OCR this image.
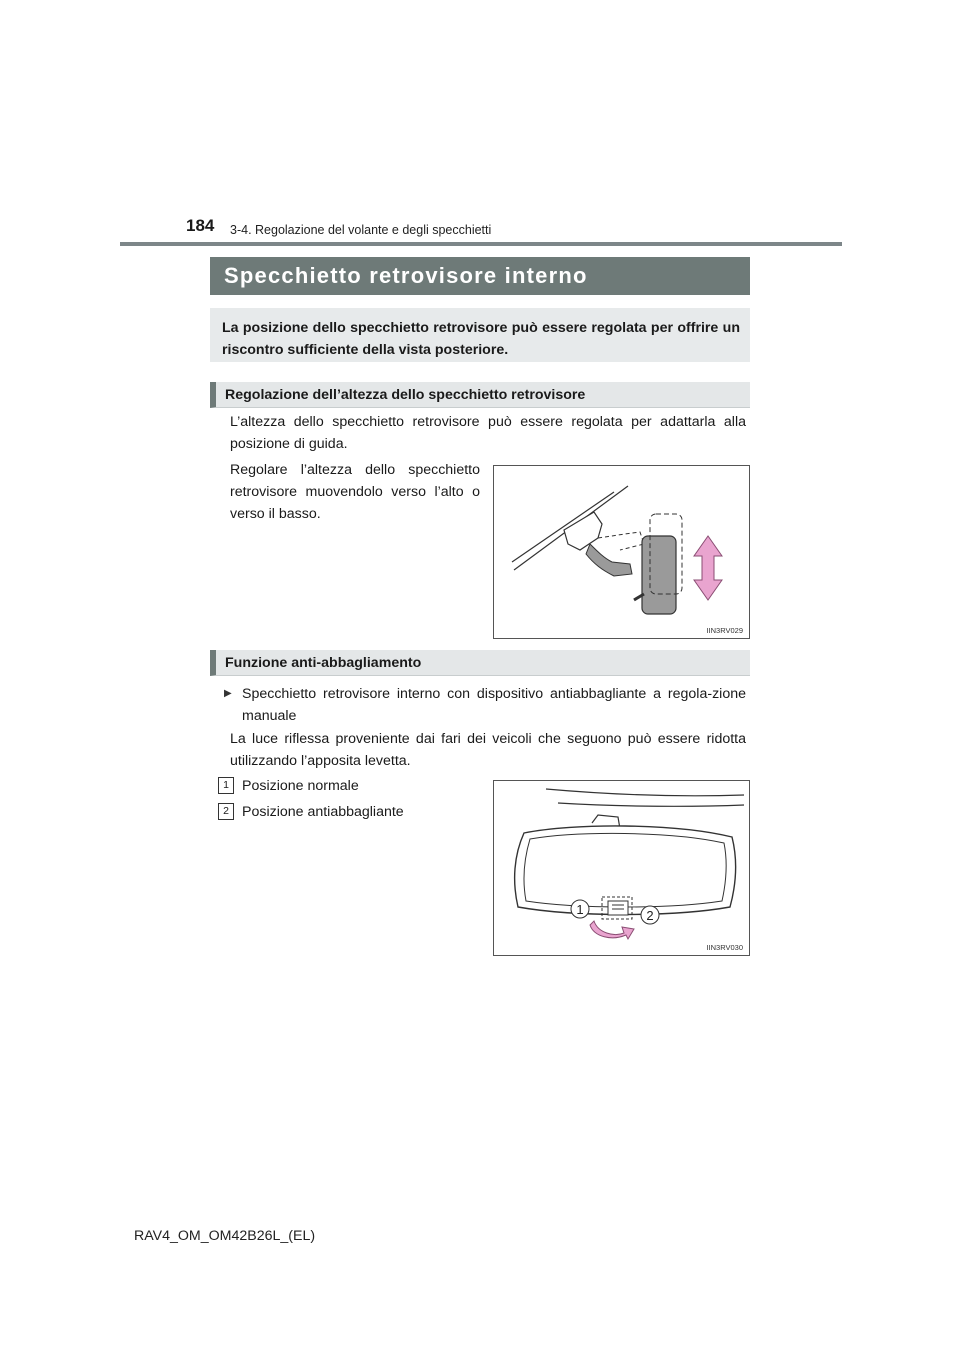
184 3-4. Regolazione del volante e degli specchietti
Specchietto retrovisore interno
La posizione dello specchietto retrovisore può essere regolata per offrire un riscontro sufficiente della vista posteriore.
Regolazione dell’altezza dello specchietto retrovisore
L’altezza dello specchietto retrovisore può essere regolata per adattarla alla posizione di guida.
Regolare l’altezza dello specchietto retrovisore muovendolo verso l’alto o verso il basso.
IIN3RV029
Funzione anti-abbagliamento
▶ Specchietto retrovisore interno con dispositivo antiabbagliante a regola-zione manuale
La luce riflessa proveniente dai fari dei veicoli che seguono può essere ridotta utilizzando l’apposita levetta.
1 Posizione normale
2 Posizione antiabbagliante
1	2
IIN3RV030
RAV4_OM_OM42B26L_(EL)
